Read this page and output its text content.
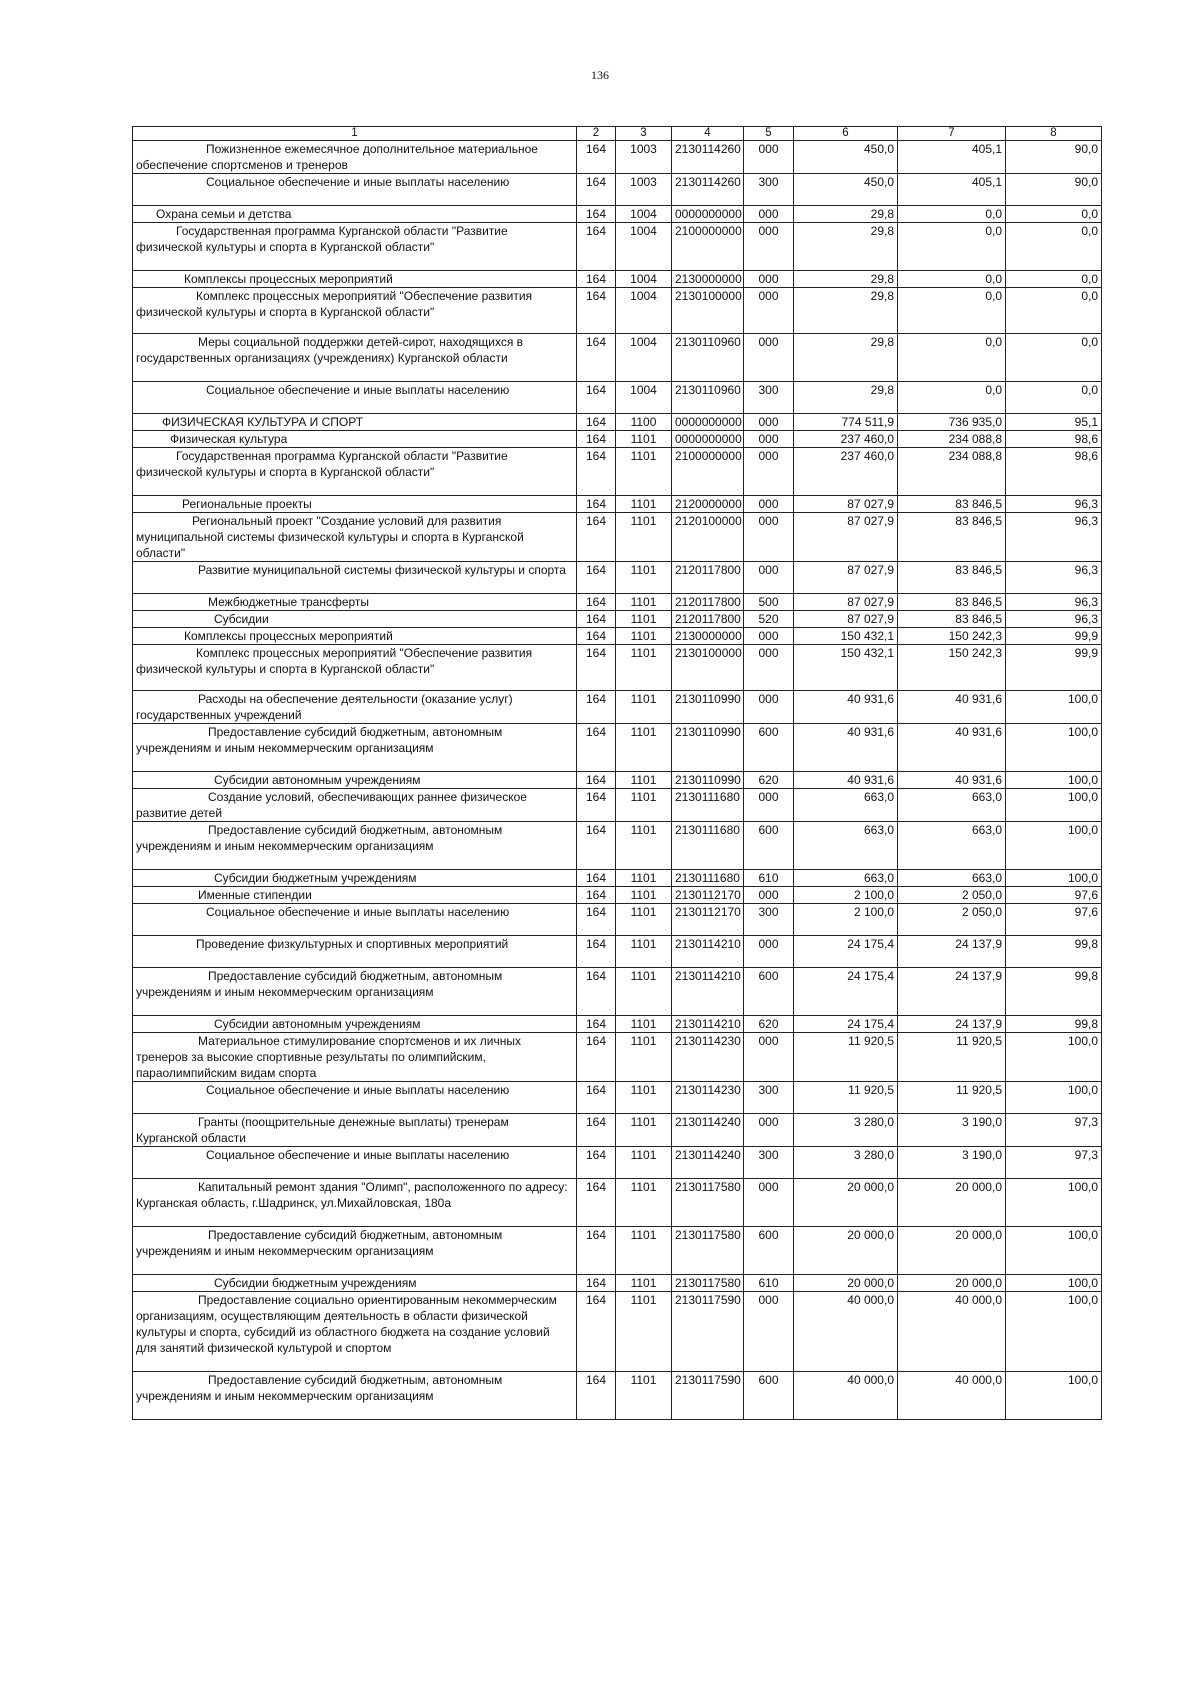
136
1	2	3	4	5	6	7	8

Пожизненное ежемесячное дополнительное материальное обеспечение спортсменов и тренеров	164	1003	2130114260	000	450,0	405,1	90,0

Социальное обеспечение и иные выплаты населению	164	1003	2130114260	300	450,0	405,1	90,0

Охрана семьи и детства	164	1004	0000000000	000	29,8	0,0	0,0

Государственная программа Курганской области "Развитие физической культуры и спорта в Курганской области"	164	1004	2100000000	000	29,8	0,0	0,0

Комплексы процессных мероприятий	164	1004	2130000000	000	29,8	0,0	0,0

Комплекс процессных мероприятий "Обеспечение развития физической культуры и спорта в Курганской области"	164	1004	2130100000	000	29,8	0,0	0,0

Меры социальной поддержки детей-сирот, находящихся в государственных организациях (учреждениях) Курганской области	164	1004	2130110960	000	29,8	0,0	0,0

Социальное обеспечение и иные выплаты населению	164	1004	2130110960	300	29,8	0,0	0,0

ФИЗИЧЕСКАЯ КУЛЬТУРА И СПОРТ	164	1100	0000000000	000	774 511,9	736 935,0	95,1

Физическая культура	164	1101	0000000000	000	237 460,0	234 088,8	98,6

Государственная программа Курганской области "Развитие физической культуры и спорта в Курганской области"	164	1101	2100000000	000	237 460,0	234 088,8	98,6

Региональные проекты	164	1101	2120000000	000	87 027,9	83 846,5	96,3

Региональный проект "Создание условий для развития муниципальной системы физической культуры и спорта в Курганской области"	164	1101	2120100000	000	87 027,9	83 846,5	96,3

Развитие муниципальной системы физической культуры и спорта	164	1101	2120117800	000	87 027,9	83 846,5	96,3

Межбюджетные трансферты	164	1101	2120117800	500	87 027,9	83 846,5	96,3

Субсидии	164	1101	2120117800	520	87 027,9	83 846,5	96,3

Комплексы процессных мероприятий	164	1101	2130000000	000	150 432,1	150 242,3	99,9

Комплекс процессных мероприятий "Обеспечение развития физической культуры и спорта в Курганской области"	164	1101	2130100000	000	150 432,1	150 242,3	99,9

Расходы на обеспечение деятельности (оказание услуг) государственных учреждений	164	1101	2130110990	000	40 931,6	40 931,6	100,0

Предоставление субсидий бюджетным, автономным учреждениям и иным некоммерческим организациям	164	1101	2130110990	600	40 931,6	40 931,6	100,0

Субсидии автономным учреждениям	164	1101	2130110990	620	40 931,6	40 931,6	100,0

Создание условий, обеспечивающих раннее физическое развитие детей	164	1101	2130111680	000	663,0	663,0	100,0

Предоставление субсидий бюджетным, автономным учреждениям и иным некоммерческим организациям	164	1101	2130111680	600	663,0	663,0	100,0

Субсидии бюджетным учреждениям	164	1101	2130111680	610	663,0	663,0	100,0

Именные стипендии	164	1101	2130112170	000	2 100,0	2 050,0	97,6

Социальное обеспечение и иные выплаты населению	164	1101	2130112170	300	2 100,0	2 050,0	97,6

Проведение физкультурных и спортивных мероприятий	164	1101	2130114210	000	24 175,4	24 137,9	99,8

Предоставление субсидий бюджетным, автономным учреждениям и иным некоммерческим организациям	164	1101	2130114210	600	24 175,4	24 137,9	99,8

Субсидии автономным учреждениям	164	1101	2130114210	620	24 175,4	24 137,9	99,8

Материальное стимулирование спортсменов и их личных тренеров за высокие спортивные результаты по олимпийским, параолимпийским видам спорта	164	1101	2130114230	000	11 920,5	11 920,5	100,0

Социальное обеспечение и иные выплаты населению	164	1101	2130114230	300	11 920,5	11 920,5	100,0

Гранты (поощрительные денежные выплаты) тренерам Курганской области	164	1101	2130114240	000	3 280,0	3 190,0	97,3

Социальное обеспечение и иные выплаты населению	164	1101	2130114240	300	3 280,0	3 190,0	97,3

Капитальный ремонт здания "Олимп", расположенного по адресу: Курганская область, г.Шадринск, ул.Михайловская, 180а	164	1101	2130117580	000	20 000,0	20 000,0	100,0

Предоставление субсидий бюджетным, автономным учреждениям и иным некоммерческим организациям	164	1101	2130117580	600	20 000,0	20 000,0	100,0

Субсидии бюджетным учреждениям	164	1101	2130117580	610	20 000,0	20 000,0	100,0

Предоставление социально ориентированным некоммерческим организациям, осуществляющим деятельность в области физической культуры и спорта, субсидий из областного бюджета на создание условий для занятий физической культурой и спортом	164	1101	2130117590	000	40 000,0	40 000,0	100,0

Предоставление субсидий бюджетным, автономным учреждениям и иным некоммерческим организациям	164	1101	2130117590	600	40 000,0	40 000,0	100,0
